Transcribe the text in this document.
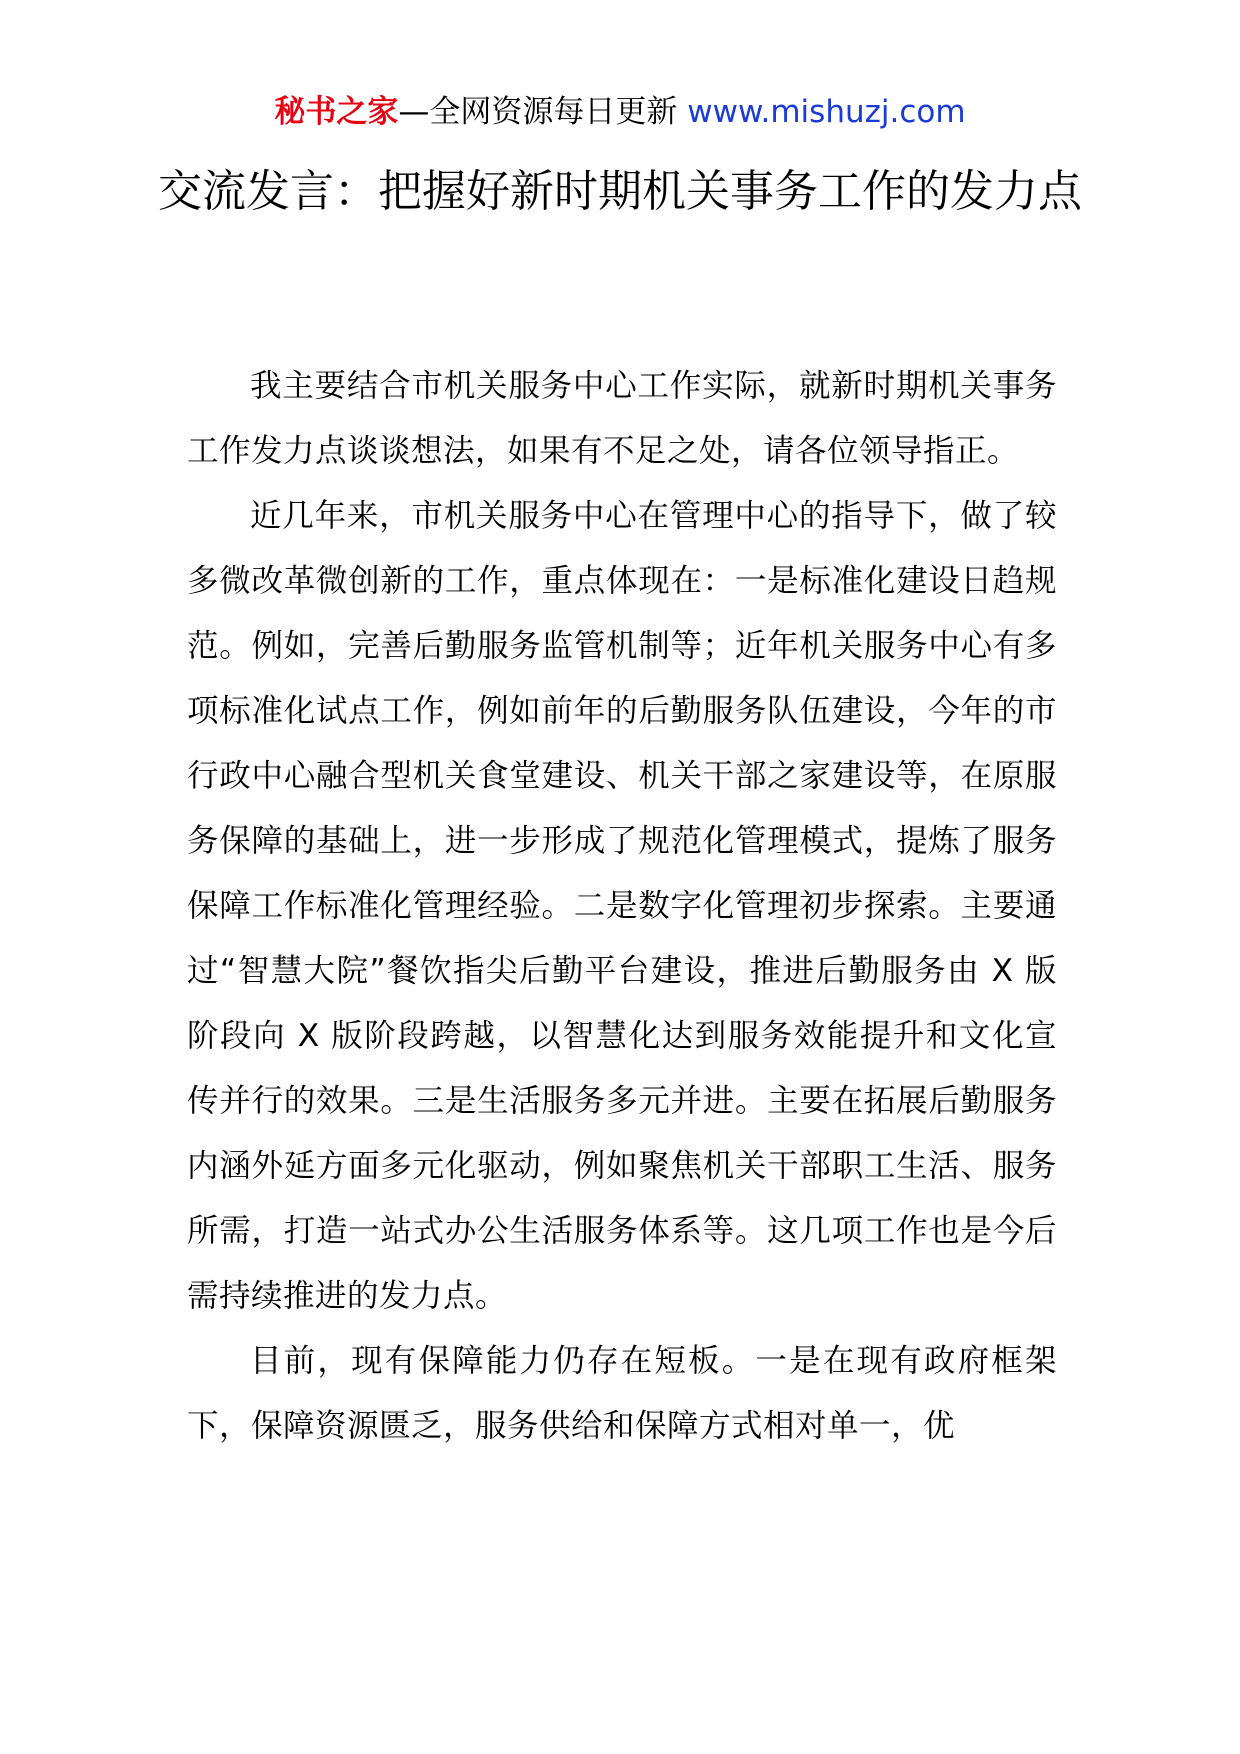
秘书之家—全网资源每日更新 www.mishuzj.com
交流发言：把握好新时期机关事务工作的发力点

我主要结合市机关服务中心工作实际，就新时期机关事务工作发力点谈谈想法，如果有不足之处，请各位领导指正。

近几年来，市机关服务中心在管理中心的指导下，做了较多微改革微创新的工作，重点体现在：一是标准化建设日趋规范。例如，完善后勤服务监管机制等；近年机关服务中心有多项标准化试点工作，例如前年的后勤服务队伍建设，今年的市行政中心融合型机关食堂建设、机关干部之家建设等，在原服务保障的基础上，进一步形成了规范化管理模式，提炼了服务保障工作标准化管理经验。二是数字化管理初步探索。主要通过“智慧大院”餐饮指尖后勤平台建设，推进后勤服务由 X 版阶段向 X 版阶段跨越，以智慧化达到服务效能提升和文化宣传并行的效果。三是生活服务多元并进。主要在拓展后勤服务内涵外延方面多元化驱动，例如聚焦机关干部职工生活、服务所需，打造一站式办公生活服务体系等。这几项工作也是今后需持续推进的发力点。

目前，现有保障能力仍存在短板。一是在现有政府框架下，保障资源匮乏，服务供给和保障方式相对单一，优
